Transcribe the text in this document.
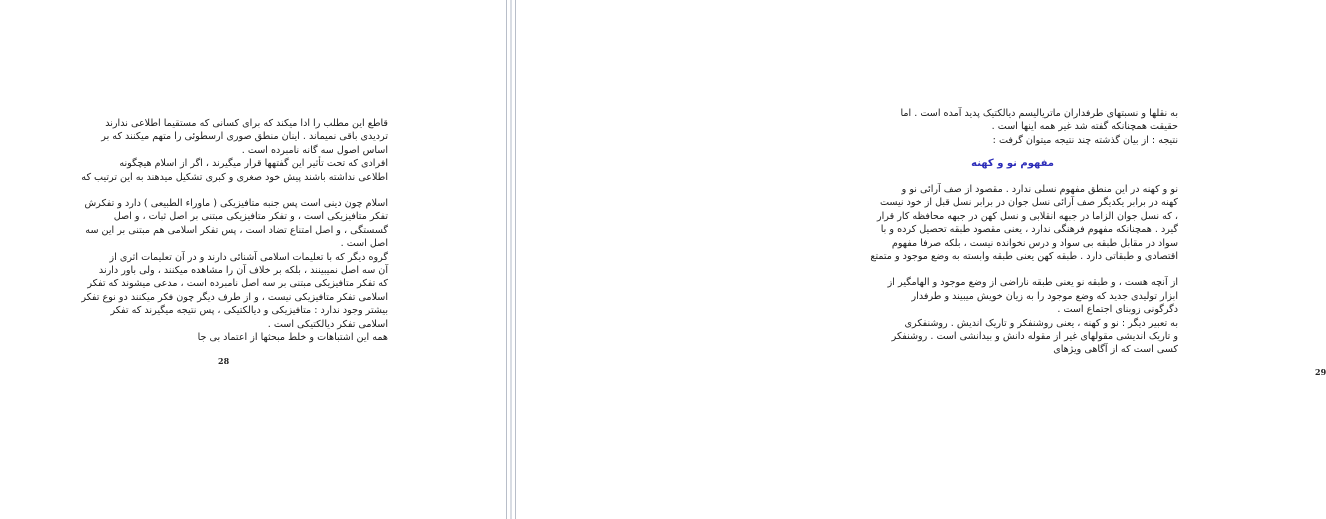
قاطع این مطلب را ادا میکند که برای کسانی که مستقیما اطلاعی ندارند

تردیدی باقی نمیماند . اینان منطق صوری ارسطوئی را متهم میکنند که بر

اساس اصول سه گانه نامبرده است .

افرادی که تحت تأثیر این گفتهها قرار میگیرند ، اگر از اسلام هیچگونه

اطلاعی نداشته باشند پیش خود صغری و کبری تشکیل میدهند به این ترتیب که

اسلام چون دینی است پس جنبه متافیزیکی ( ماوراء الطبیعی ) دارد و تفکرش

تفکر متافیزیکی است ، و تفکر متافیزیکی مبتنی بر اصل ثبات ، و اصل

گسستگی ، و اصل امتناع تضاد است ، پس تفکر اسلامی هم مبتنی بر این سه

اصل است .

گروه دیگر که با تعلیمات اسلامی آشنائی دارند و در آن تعلیمات اثری از

آن سه اصل نمیبینند ، بلکه بر خلاف آن را مشاهده میکنند ، ولی باور دارند

که تفکر متافیزیکی مبتنی بر سه اصل نامبرده است ، مدعی میشوند که تفکر

اسلامی تفکر متافیزیکی نیست ، و از طرف دیگر چون فکر میکنند دو نوع تفکر

بیشتر وجود ندارد : متافیزیکی و دیالکتیکی ، پس نتیجه میگیرند که تفکر

اسلامی تفکر دیالکتیکی است .

همه این اشتباهات و خلط مبحثها از اعتماد بی جا

28

به نقلها و نسبتهای طرفداران ماتریالیسم دیالکتیک پدید آمده است . اما

حقیقت همچنانکه گفته شد غیر همه اینها است .

نتیجه : از بیان گذشته چند نتیجه میتوان گرفت :

مفهوم نو و کهنه

نو و کهنه در این منطق مفهوم نسلی ندارد . مقصود از صف آرائی نو و

کهنه در برابر یکدیگر صف آرائی نسل جوان در برابر نسل قبل از خود نیست

، که نسل جوان الزاما در جبهه انقلابی و نسل کهن در جبهه محافظه کار قرار

گیرد . همچنانکه مفهوم فرهنگی ندارد ، یعنی مقصود طبقه تحصیل کرده و با

سواد در مقابل طبقه بی سواد و درس نخوانده نیست ، بلکه صرفا مفهوم

اقتصادی و طبقاتی دارد . طبقه کهن یعنی طبقه وابسته به وضع موجود و متمتع

از آنچه هست ، و طبقه نو یعنی طبقه ناراضی از وضع موجود و الهامگیر از

ابزار تولیدی جدید که وضع موجود را به زیان خویش میبیند و طرفدار

دگرگونی زوبنای اجتماع است .

به تعبیر دیگر : نو و کهنه ، یعنی روشنفکر و تاریک اندیش . روشنفکری

و تاریک اندیشی مقولهای غیر از مقوله دانش و بیدانشی است . روشنفکر

کسی است که از آگاهی ویژهای

29
